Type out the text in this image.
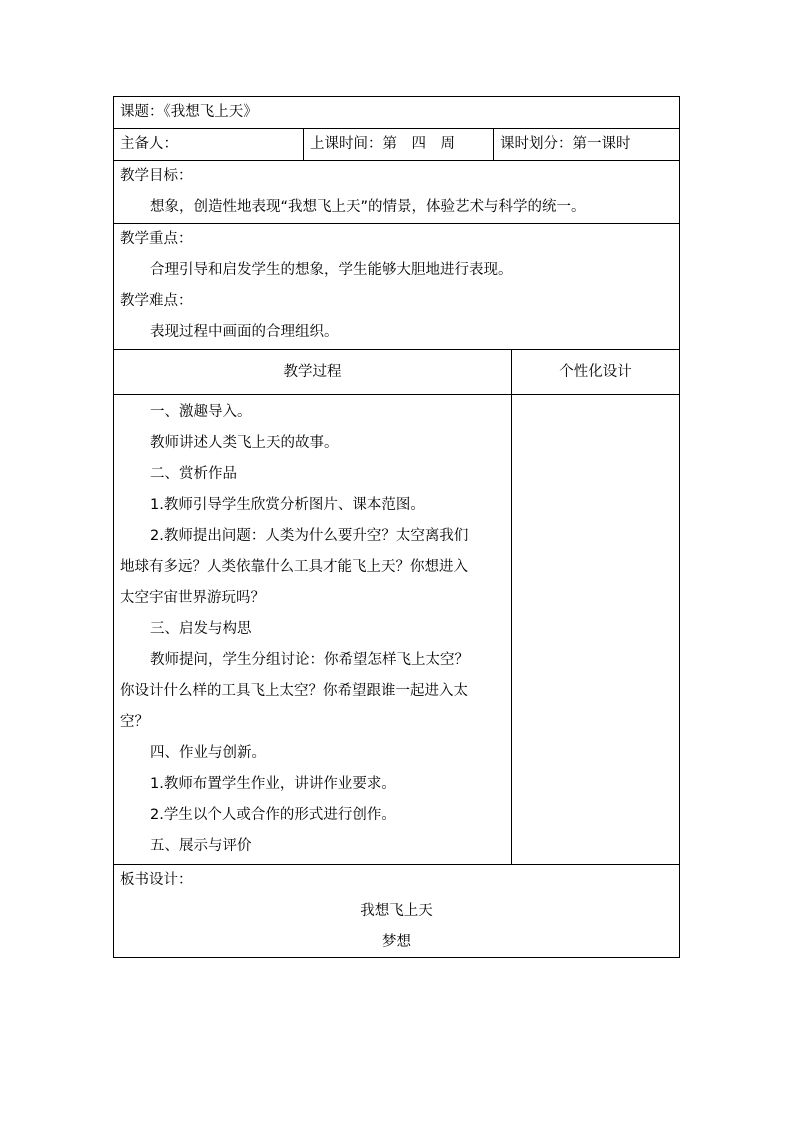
课题：《我想飞上天》
主备人：	上课时间：第　四　周	课时划分：第一课时
教学目标：
想象，创造性地表现“我想飞上天”的情景，体验艺术与科学的统一。
教学重点：
合理引导和启发学生的想象，学生能够大胆地进行表现。
教学难点：
表现过程中画面的合理组织。
教学过程	个性化设计
一、激趣导入。
教师讲述人类飞上天的故事。
二、赏析作品
1.教师引导学生欣赏分析图片、课本范图。
2.教师提出问题：人类为什么要升空？太空离我们
地球有多远？人类依靠什么工具才能飞上天？你想进入
太空宇宙世界游玩吗？
三、启发与构思
教师提问，学生分组讨论：你希望怎样飞上太空？
你设计什么样的工具飞上太空？你希望跟谁一起进入太
空？
四、作业与创新。
1.教师布置学生作业，讲讲作业要求。
2.学生以个人或合作的形式进行创作。
五、展示与评价
板书设计：
我想飞上天
梦想
